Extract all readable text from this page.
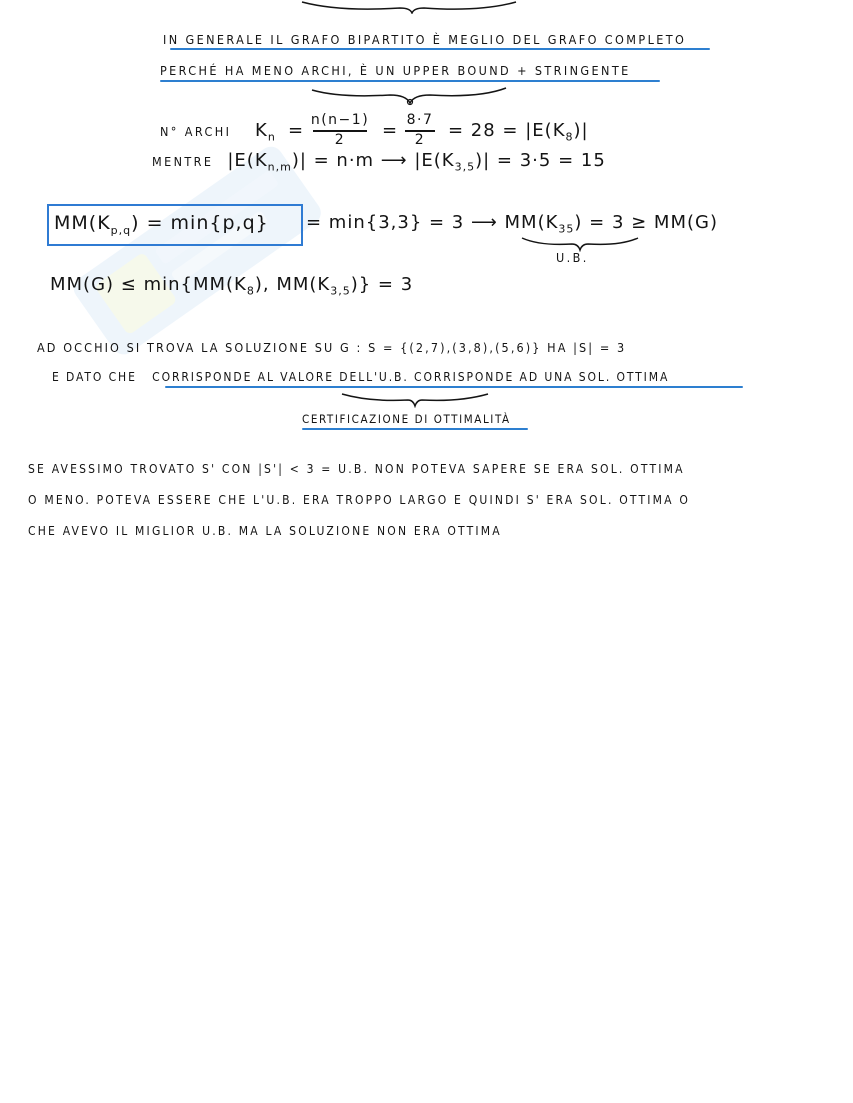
IN GENERALE IL GRAFO BIPARTITO È MEGLIO DEL GRAFO COMPLETO
PERCHÉ HA MENO ARCHI, È UN UPPER BOUND + STRINGENTE
N° ARCHI $K_n = n(n-1)$
2	= 8·7
2	= $28 = |E(K_8)|$
MENTRE $|E(K_{n,m})| = n\cdot m$ ⟶ $|E(K_{3,5})| = 3\cdot 5 = 15$
$MM(K_{p,q}) = \min\{p,q\} = \min\{3,3\} = 3$ ⟶ $MM(K_{35}) = 3 \ge MM(G)$
U.B.
$MM(G) \le \min\{MM(K_8)$, $MM(K_{3,5})\} = 3$
AD OCCHIO SI TROVA LA SOLUZIONE SU G : S = {(2,7),(3,8),(5,6)} HA |S| = 3
E DATO CHE CORRISPONDE AL VALORE DELL'U.B. CORRISPONDE AD UNA SOL. OTTIMA
CERTIFICAZIONE DI OTTIMALITÀ
SE AVESSIMO TROVATO S' CON |S'| < 3 = U.B. NON POTEVA SAPERE SE ERA SOL. OTTIMA
O MENO. POTEVA ESSERE CHE L'U.B. ERA TROPPO LARGO E QUINDI S' ERA SOL. OTTIMA O
CHE AVEVO IL MIGLIOR U.B. MA LA SOLUZIONE NON ERA OTTIMA
